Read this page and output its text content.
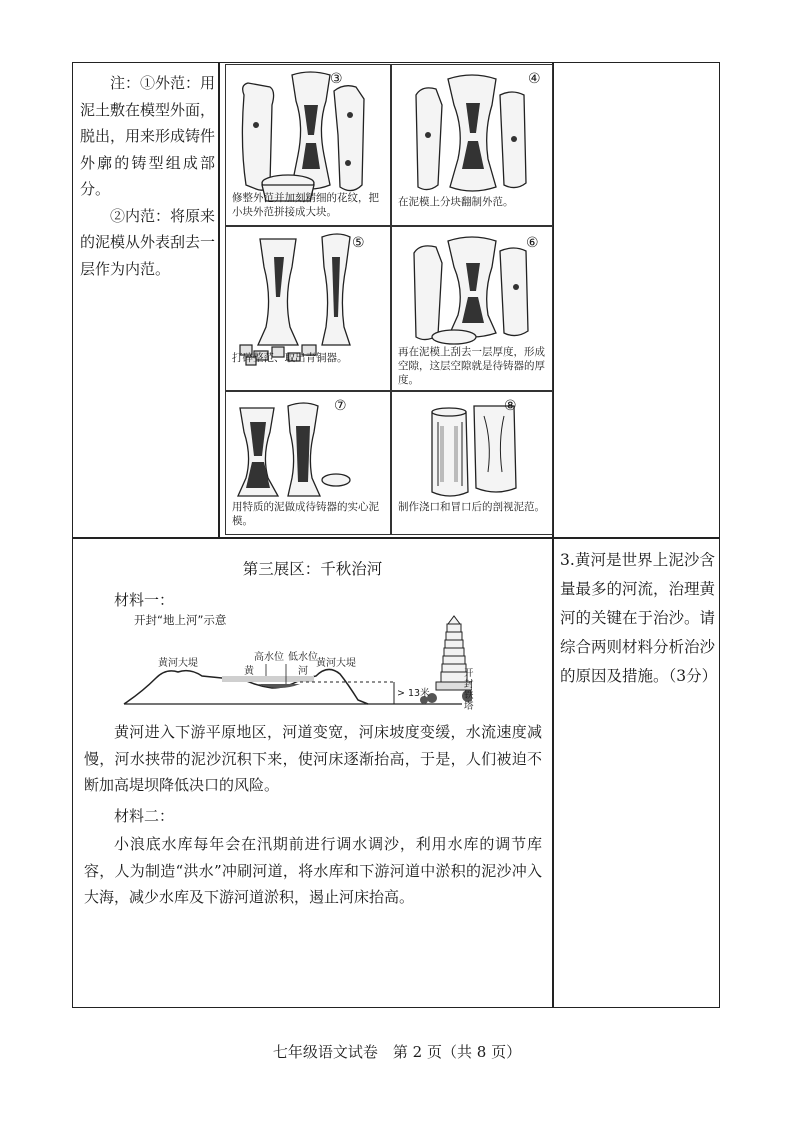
注：①外范：用泥土敷在模型外面，脱出，用来形成铸件外廓的铸型组成部分。

②内范：将原来的泥模从外表刮去一层作为内范。

③
修整外范并加刻精细的花纹，把小块外范拼接成大块。
④
在泥模上分块翻制外范。
⑤
打碎整范、取出青铜器。
⑥
再在泥模上刮去一层厚度，形成空隙，这层空隙就是待铸器的厚度。
⑦
用特质的泥做成待铸器的实心泥模。
⑧
制作浇口和冒口后的剖视泥范。
第三展区：千秋治河
材料一：
开封“地上河”示意
黄河大堤	黄河大堤
高水位 低水位
黄	河
> 13米
开封
铁塔

黄河进入下游平原地区，河道变宽，河床坡度变缓，水流速度减慢，河水挟带的泥沙沉积下来，使河床逐渐抬高，于是，人们被迫不断加高堤坝降低决口的风险。

材料二：

小浪底水库每年会在汛期前进行调水调沙，利用水库的调节库容，人为制造“洪水”冲刷河道，将水库和下游河道中淤积的泥沙冲入大海，减少水库及下游河道淤积，遏止河床抬高。

3.黄河是世界上泥沙含量最多的河流，治理黄河的关键在于治沙。请综合两则材料分析治沙的原因及措施。（3分）
七年级语文试卷　第 2 页（共 8 页）
